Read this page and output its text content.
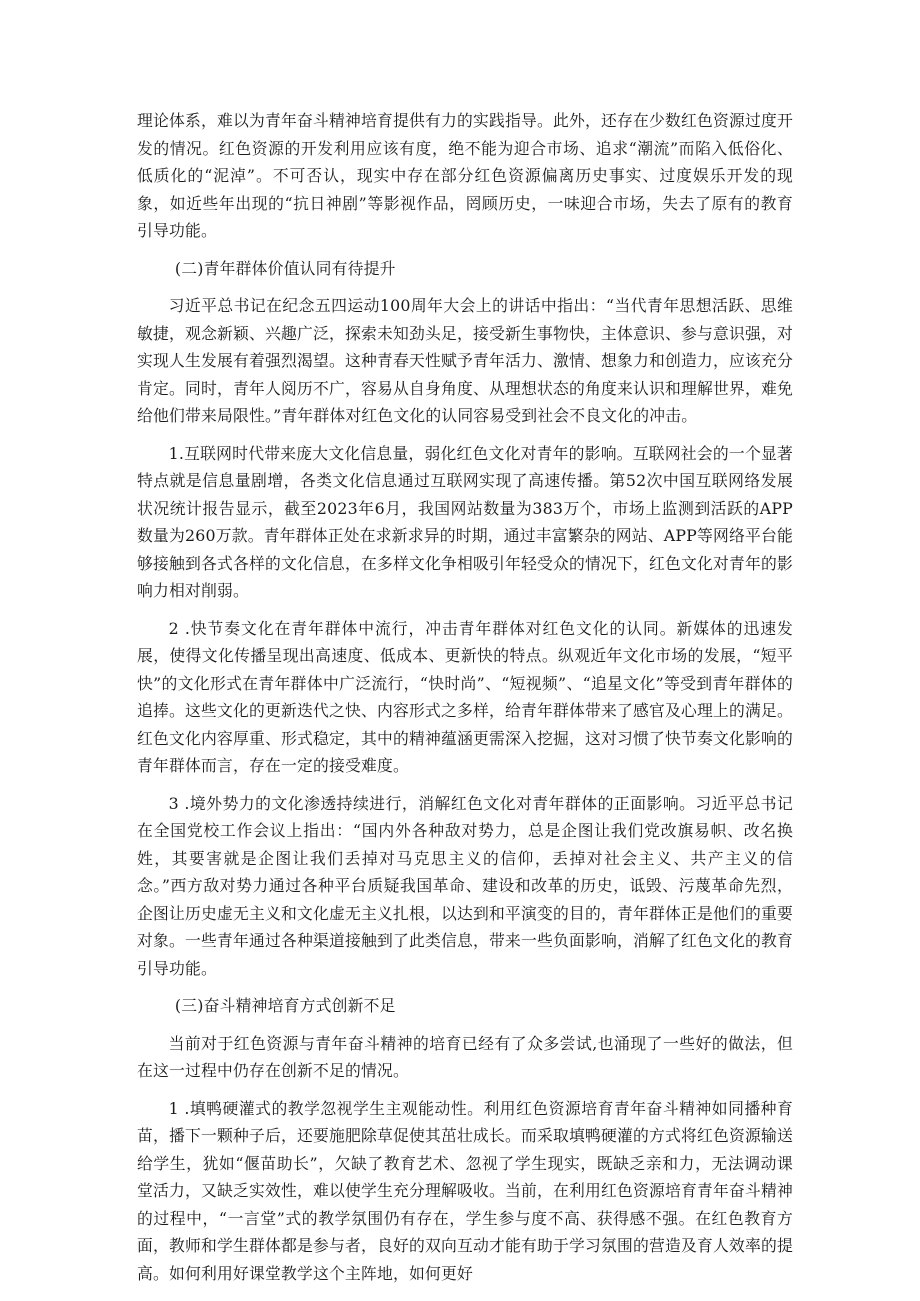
理论体系，难以为青年奋斗精神培育提供有力的实践指导。此外，还存在少数红色资源过度开发的情况。红色资源的开发利用应该有度，绝不能为迎合市场、追求“潮流”而陷入低俗化、低质化的“泥淖”。不可否认，现实中存在部分红色资源偏离历史事实、过度娱乐开发的现象，如近些年出现的“抗日神剧”等影视作品，罔顾历史，一味迎合市场，失去了原有的教育引导功能。

(二)青年群体价值认同有待提升

习近平总书记在纪念五四运动100周年大会上的讲话中指出：“当代青年思想活跃、思维敏捷，观念新颖、兴趣广泛，探索未知劲头足，接受新生事物快，主体意识、参与意识强，对实现人生发展有着强烈渴望。这种青春天性赋予青年活力、激情、想象力和创造力，应该充分肯定。同时，青年人阅历不广，容易从自身角度、从理想状态的角度来认识和理解世界，难免给他们带来局限性。”青年群体对红色文化的认同容易受到社会不良文化的冲击。

1.互联网时代带来庞大文化信息量，弱化红色文化对青年的影响。互联网社会的一个显著特点就是信息量剧增，各类文化信息通过互联网实现了高速传播。第52次中国互联网络发展状况统计报告显示，截至2023年6月，我国网站数量为383万个，市场上监测到活跃的APP数量为260万款。青年群体正处在求新求异的时期，通过丰富繁杂的网站、APP等网络平台能够接触到各式各样的文化信息，在多样文化争相吸引年轻受众的情况下，红色文化对青年的影响力相对削弱。

2 .快节奏文化在青年群体中流行，冲击青年群体对红色文化的认同。新媒体的迅速发展，使得文化传播呈现出高速度、低成本、更新快的特点。纵观近年文化市场的发展，“短平快”的文化形式在青年群体中广泛流行，“快时尚”、“短视频”、“追星文化”等受到青年群体的追捧。这些文化的更新迭代之快、内容形式之多样，给青年群体带来了感官及心理上的满足。红色文化内容厚重、形式稳定，其中的精神蕴涵更需深入挖掘，这对习惯了快节奏文化影响的青年群体而言，存在一定的接受难度。

3 .境外势力的文化渗透持续进行，消解红色文化对青年群体的正面影响。习近平总书记在全国党校工作会议上指出：“国内外各种敌对势力，总是企图让我们党改旗易帜、改名换姓，其要害就是企图让我们丢掉对马克思主义的信仰，丢掉对社会主义、共产主义的信念。”西方敌对势力通过各种平台质疑我国革命、建设和改革的历史，诋毁、污蔑革命先烈，企图让历史虚无主义和文化虚无主义扎根，以达到和平演变的目的，青年群体正是他们的重要对象。一些青年通过各种渠道接触到了此类信息，带来一些负面影响，消解了红色文化的教育引导功能。

(三)奋斗精神培育方式创新不足

当前对于红色资源与青年奋斗精神的培育已经有了众多尝试,也涌现了一些好的做法，但在这一过程中仍存在创新不足的情况。

1 .填鸭硬灌式的教学忽视学生主观能动性。利用红色资源培育青年奋斗精神如同播种育苗，播下一颗种子后，还要施肥除草促使其茁壮成长。而采取填鸭硬灌的方式将红色资源输送给学生，犹如“偃苗助长”，欠缺了教育艺术、忽视了学生现实，既缺乏亲和力，无法调动课堂活力，又缺乏实效性，难以使学生充分理解吸收。当前，在利用红色资源培育青年奋斗精神的过程中，“一言堂”式的教学氛围仍有存在，学生参与度不高、获得感不强。在红色教育方面，教师和学生群体都是参与者，良好的双向互动才能有助于学习氛围的营造及育人效率的提高。如何利用好课堂教学这个主阵地，如何更好
